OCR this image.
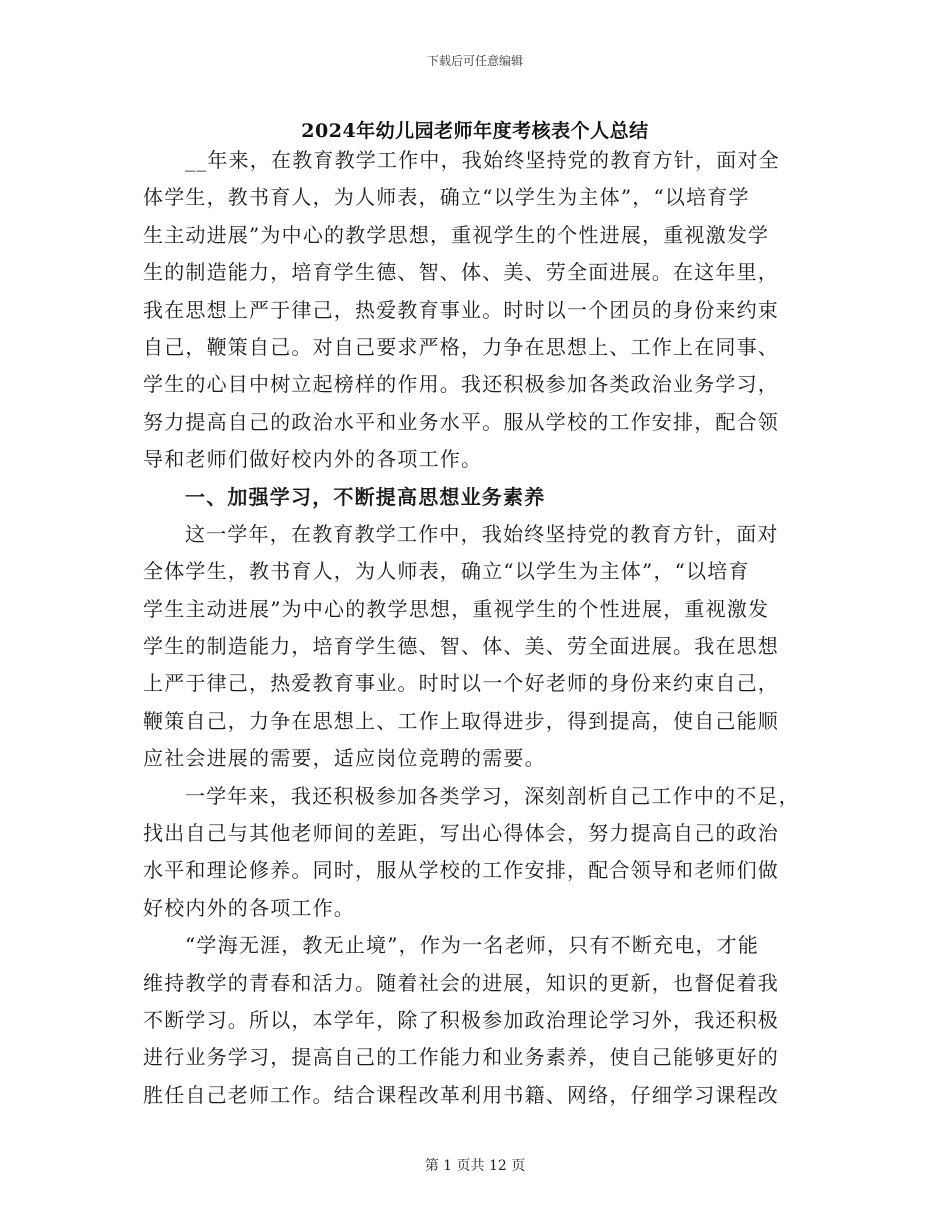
下载后可任意编辑
2024年幼儿园老师年度考核表个人总结
__年来，在教育教学工作中，我始终坚持党的教育方针，面对全
体学生，教书育人，为人师表，确立“以学生为主体”，“以培育学
生主动进展”为中心的教学思想，重视学生的个性进展，重视激发学
生的制造能力，培育学生德、智、体、美、劳全面进展。在这年里，
我在思想上严于律己，热爱教育事业。时时以一个团员的身份来约束
自己，鞭策自己。对自己要求严格，力争在思想上、工作上在同事、
学生的心目中树立起榜样的作用。我还积极参加各类政治业务学习，
努力提高自己的政治水平和业务水平。服从学校的工作安排，配合领
导和老师们做好校内外的各项工作。
一、加强学习，不断提高思想业务素养
这一学年，在教育教学工作中，我始终坚持党的教育方针，面对
全体学生，教书育人，为人师表，确立“以学生为主体”，“以培育
学生主动进展”为中心的教学思想，重视学生的个性进展，重视激发
学生的制造能力，培育学生德、智、体、美、劳全面进展。我在思想
上严于律己，热爱教育事业。时时以一个好老师的身份来约束自己，
鞭策自己，力争在思想上、工作上取得进步，得到提高，使自己能顺
应社会进展的需要，适应岗位竞聘的需要。
一学年来，我还积极参加各类学习，深刻剖析自己工作中的不足，
找出自己与其他老师间的差距，写出心得体会，努力提高自己的政治
水平和理论修养。同时，服从学校的工作安排，配合领导和老师们做
好校内外的各项工作。
“学海无涯，教无止境”，作为一名老师，只有不断充电，才能
维持教学的青春和活力。随着社会的进展，知识的更新，也督促着我
不断学习。所以，本学年，除了积极参加政治理论学习外，我还积极
进行业务学习，提高自己的工作能力和业务素养，使自己能够更好的
胜任自己老师工作。结合课程改革利用书籍、网络，仔细学习课程改
第 1 页共 12 页
